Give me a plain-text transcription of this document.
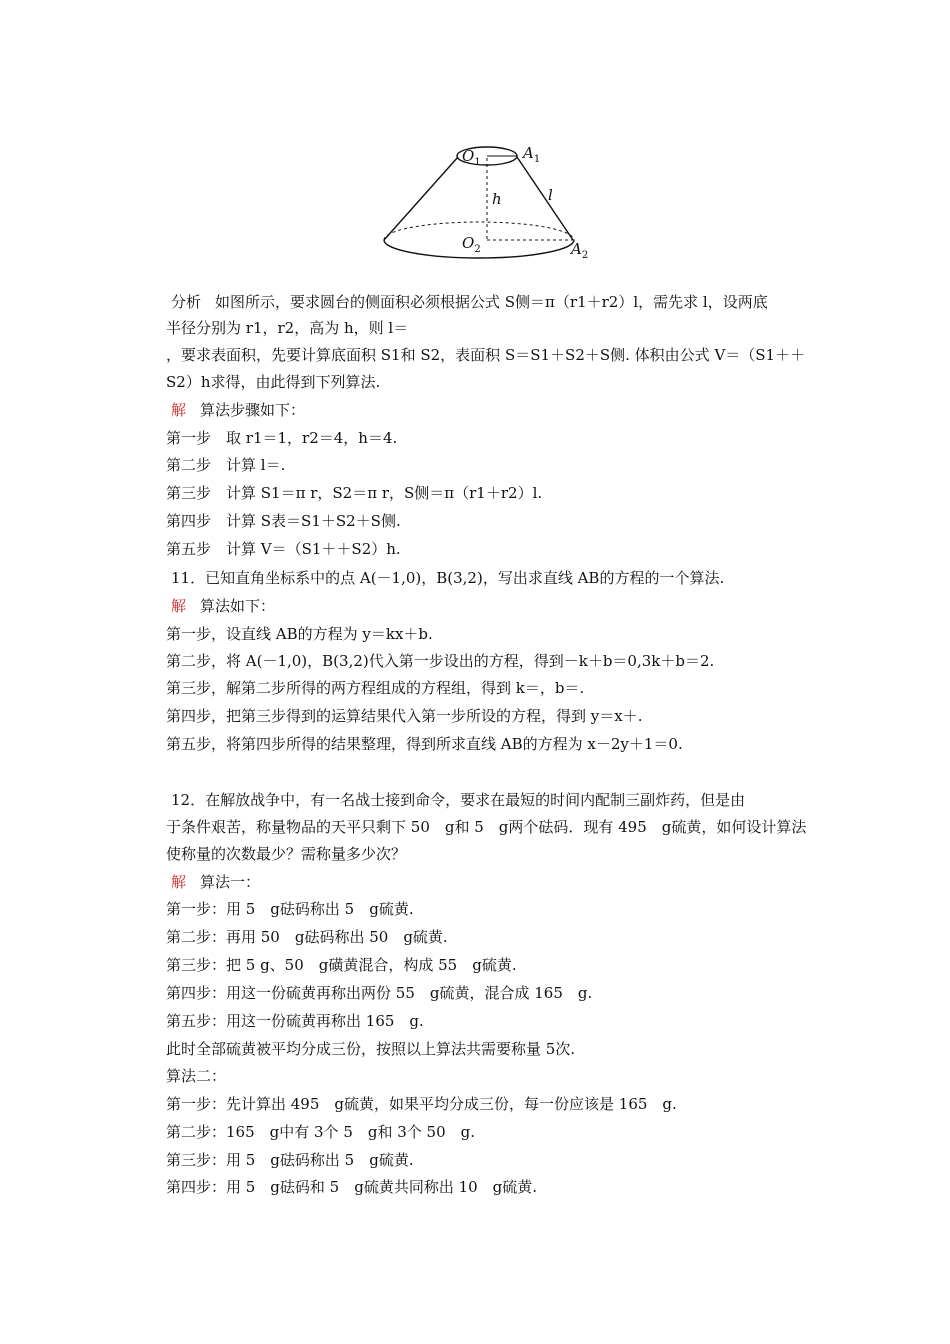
$O_1$
$A_1$
h	l
$O_2$	$A_2$
分析 如图所示，要求圆台的侧面积必须根据公式 S侧＝π（r1＋r2）l，需先求 l，设两底
半径分别为 r1，r2，高为 h，则 l＝
，要求表面积，先要计算底面积 S1和 S2，表面积 S＝S1＋S2＋S侧. 体积由公式 V＝（S1＋＋
S2）h求得，由此得到下列算法.
解 算法步骤如下：
第一步　取 r1＝1，r2＝4，h＝4.
第二步　计算 l＝.
第三步　计算 S1＝π r，S2＝π r，S侧＝π（r1＋r2）l.
第四步　计算 S表＝S1＋S2＋S侧.
第五步　计算 V＝（S1＋＋S2）h.
11．已知直角坐标系中的点 A(－1,0)，B(3,2)，写出求直线 AB的方程的一个算法.
解 算法如下：
第一步，设直线 AB的方程为 y＝kx＋b.
第二步，将 A(－1,0)，B(3,2)代入第一步设出的方程，得到－k＋b＝0,3k＋b＝2.
第三步，解第二步所得的两方程组成的方程组，得到 k＝，b＝.
第四步，把第三步得到的运算结果代入第一步所设的方程，得到 y＝x＋.
第五步，将第四步所得的结果整理，得到所求直线 AB的方程为 x－2y＋1＝0.
12．在解放战争中，有一名战士接到命令，要求在最短的时间内配制三副炸药，但是由
于条件艰苦，称量物品的天平只剩下 50　g和 5　g两个砝码．现有 495　g硫黄，如何设计算法
使称量的次数最少？需称量多少次？
解 算法一：
第一步：用 5　g砝码称出 5　g硫黄.
第二步：再用 50　g砝码称出 50　g硫黄.
第三步：把 5 g、50　g磺黄混合，构成 55　g硫黄.
第四步：用这一份硫黄再称出两份 55　g硫黄，混合成 165　g.
第五步：用这一份硫黄再称出 165　g.
此时全部硫黄被平均分成三份，按照以上算法共需要称量 5次.
算法二：
第一步：先计算出 495　g硫黄，如果平均分成三份，每一份应该是 165　g.
第二步：165　g中有 3个 5　g和 3个 50　g.
第三步：用 5　g砝码称出 5　g硫黄.
第四步：用 5　g砝码和 5　g硫黄共同称出 10　g硫黄.
